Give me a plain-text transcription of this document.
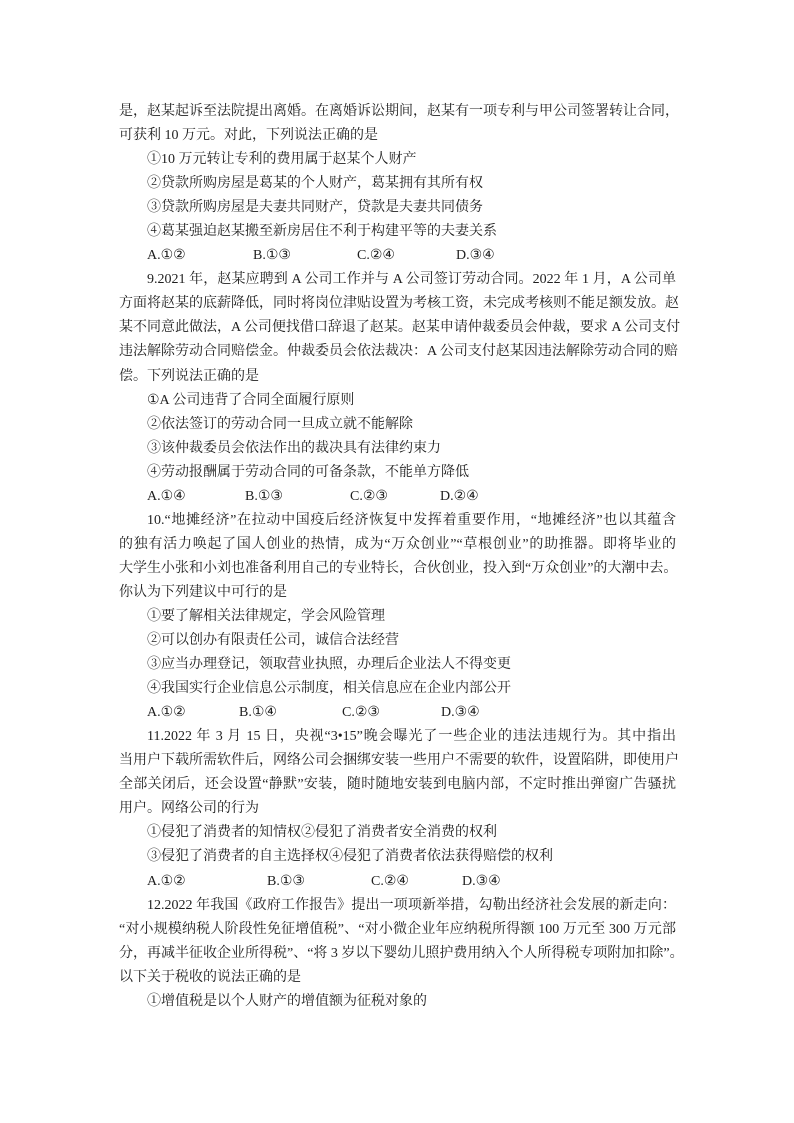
是，赵某起诉至法院提出离婚。在离婚诉讼期间，赵某有一项专利与甲公司签署转让合同，
可获利 10 万元。对此，下列说法正确的是
①10 万元转让专利的费用属于赵某个人财产
②贷款所购房屋是葛某的个人财产，葛某拥有其所有权
③贷款所购房屋是夫妻共同财产，贷款是夫妻共同债务
④葛某强迫赵某搬至新房居住不利于构建平等的夫妻关系
A.①②	B.①③	C.②④	D.③④
9.2021 年，赵某应聘到 A 公司工作并与 A 公司签订劳动合同。2022 年 1 月，A 公司单
方面将赵某的底薪降低，同时将岗位津贴设置为考核工资，未完成考核则不能足额发放。赵
某不同意此做法，A 公司便找借口辞退了赵某。赵某申请仲裁委员会仲裁，要求 A 公司支付
违法解除劳动合同赔偿金。仲裁委员会依法裁决：A 公司支付赵某因违法解除劳动合同的赔
偿。下列说法正确的是
①A 公司违背了合同全面履行原则
②依法签订的劳动合同一旦成立就不能解除
③该仲裁委员会依法作出的裁决具有法律约束力
④劳动报酬属于劳动合同的可备条款，不能单方降低
A.①④	B.①③	C.②③	D.②④
10.“地摊经济”在拉动中国疫后经济恢复中发挥着重要作用，“地摊经济”也以其蕴含
的独有活力唤起了国人创业的热情，成为“万众创业”“草根创业”的助推器。即将毕业的
大学生小张和小刘也准备利用自己的专业特长，合伙创业，投入到“万众创业”的大潮中去。
你认为下列建议中可行的是
①要了解相关法律规定，学会风险管理
②可以创办有限责任公司，诚信合法经营
③应当办理登记，领取营业执照，办理后企业法人不得变更
④我国实行企业信息公示制度，相关信息应在企业内部公开
A.①②	B.①④	C.②③	D.③④
11.2022 年 3 月 15 日，央视“3•15”晚会曝光了一些企业的违法违规行为。其中指出
当用户下载所需软件后，网络公司会捆绑安装一些用户不需要的软件，设置陷阱，即使用户
全部关闭后，还会设置“静默”安装，随时随地安装到电脑内部，不定时推出弹窗广告骚扰
用户。网络公司的行为
①侵犯了消费者的知情权②侵犯了消费者安全消费的权利
③侵犯了消费者的自主选择权④侵犯了消费者依法获得赔偿的权利
A.①②	B.①③	C.②④	D.③④
12.2022 年我国《政府工作报告》提出一项项新举措，勾勒出经济社会发展的新走向：
“对小规模纳税人阶段性免征增值税”、“对小微企业年应纳税所得额 100 万元至 300 万元部
分，再减半征收企业所得税”、“将 3 岁以下婴幼儿照护费用纳入个人所得税专项附加扣除”。
以下关于税收的说法正确的是
①增值税是以个人财产的增值额为征税对象的
